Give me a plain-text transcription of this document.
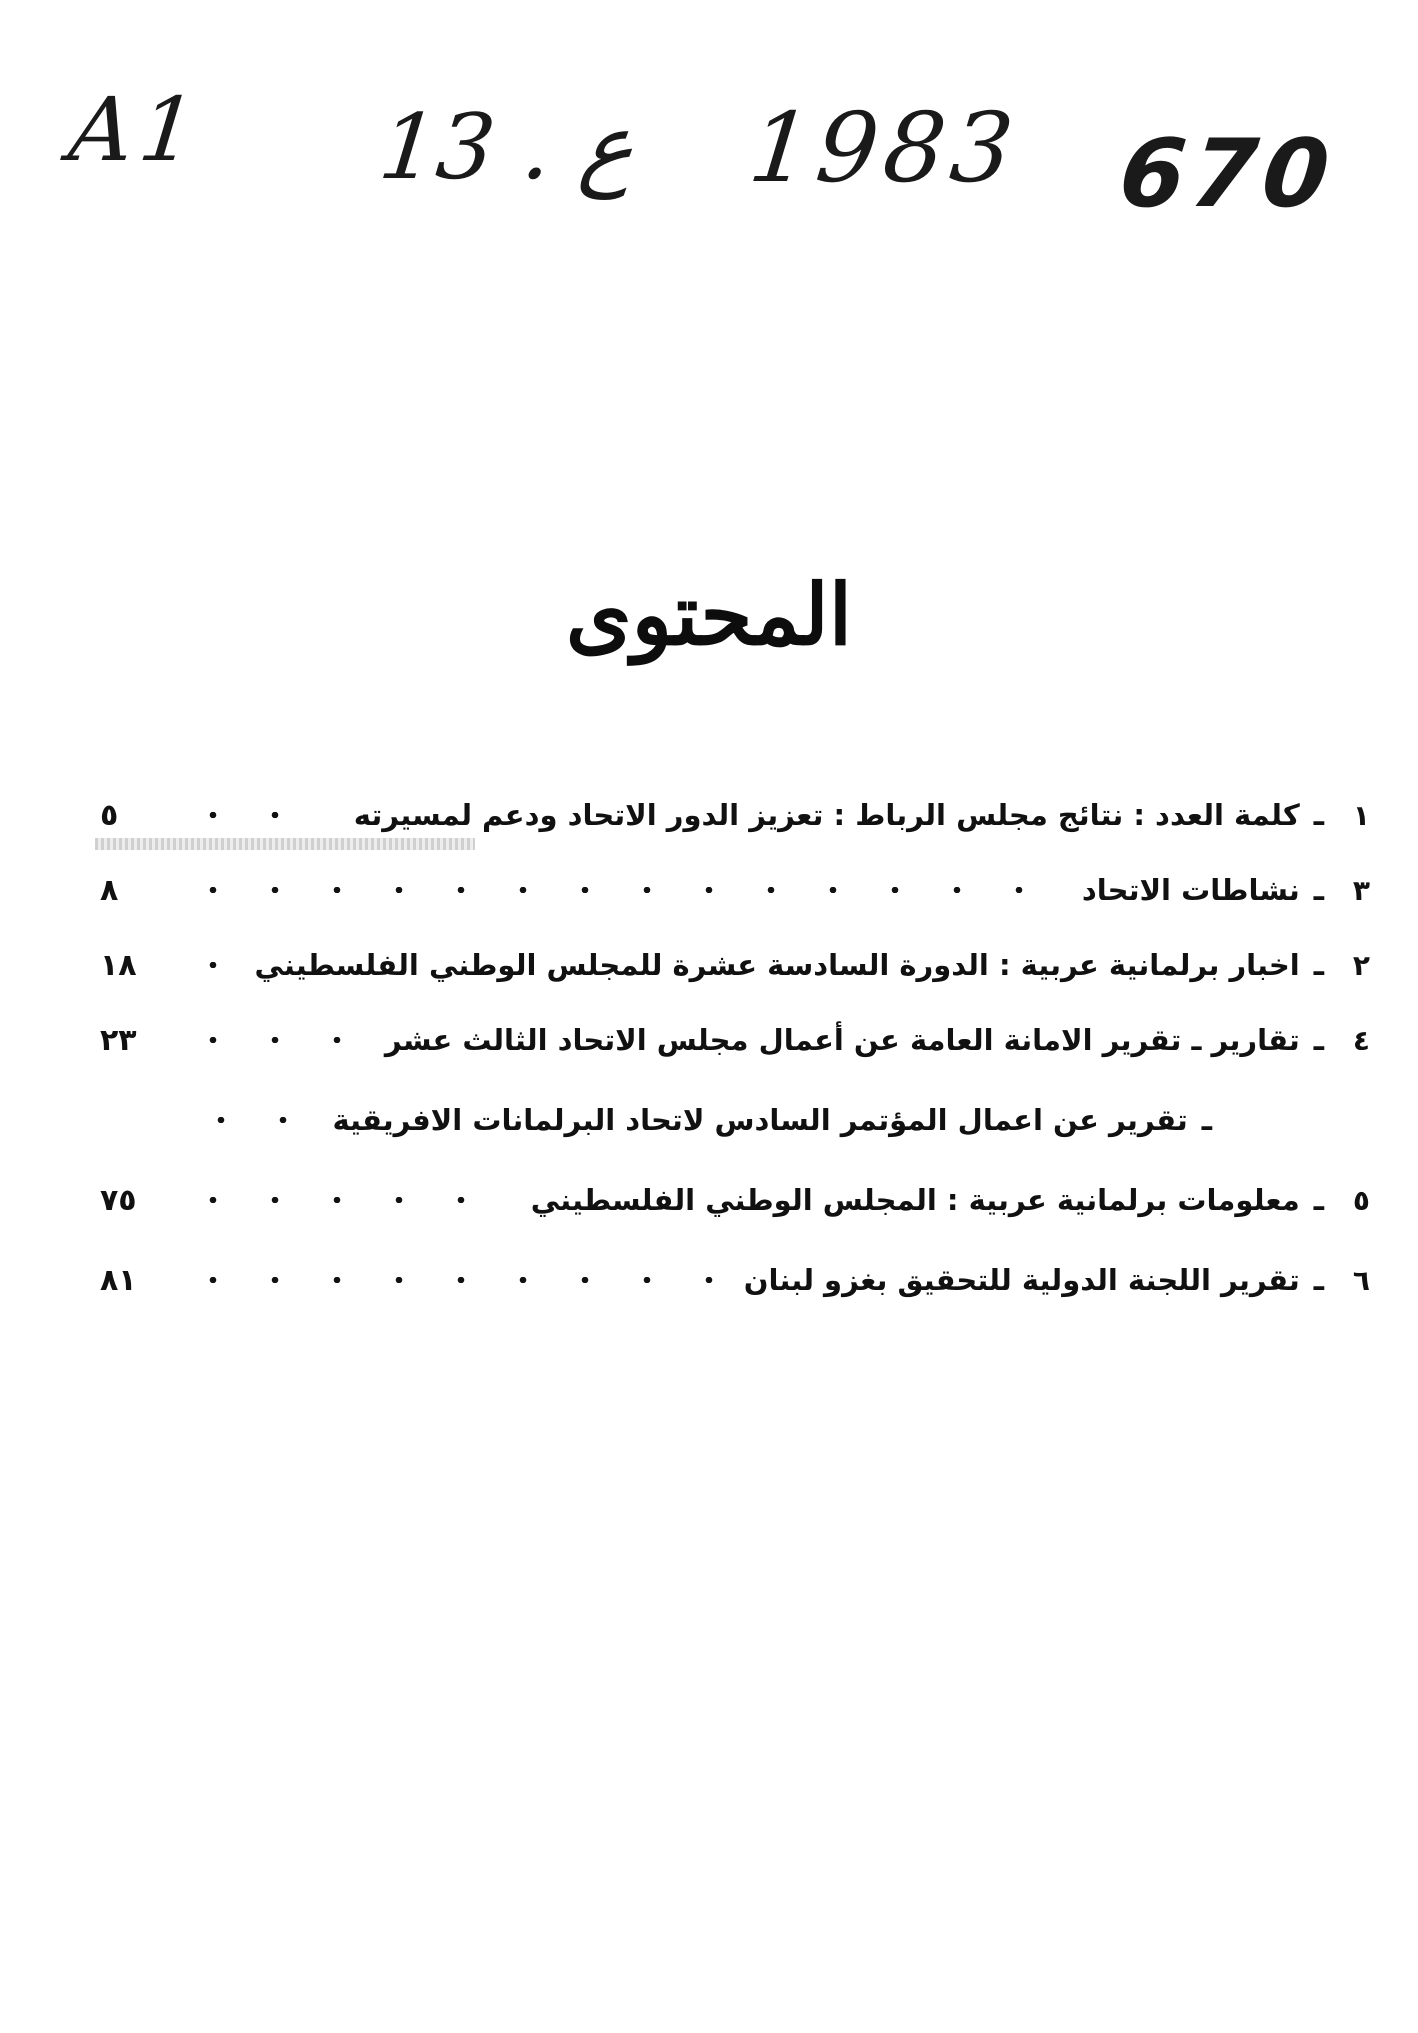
A1 13 . ع 1983 670
المحتوى
١
ـ
كلمة العدد : نتائج مجلس الرباط : تعزيز الدور الاتحاد ودعم لمسيرته
٥
٣
ـ
نشاطات الاتحاد
٨
٢
ـ
اخبار برلمانية عربية : الدورة السادسة عشرة للمجلس الوطني الفلسطيني
١٨
٤
ـ
تقارير ـ تقرير الامانة العامة عن أعمال مجلس الاتحاد الثالث عشر
٢٣
ـ
تقرير عن اعمال المؤتمر السادس لاتحاد البرلمانات الافريقية
٥
ـ
معلومات برلمانية عربية : المجلس الوطني الفلسطيني
٧٥
٦
ـ
تقرير اللجنة الدولية للتحقيق بغزو لبنان
٨١
